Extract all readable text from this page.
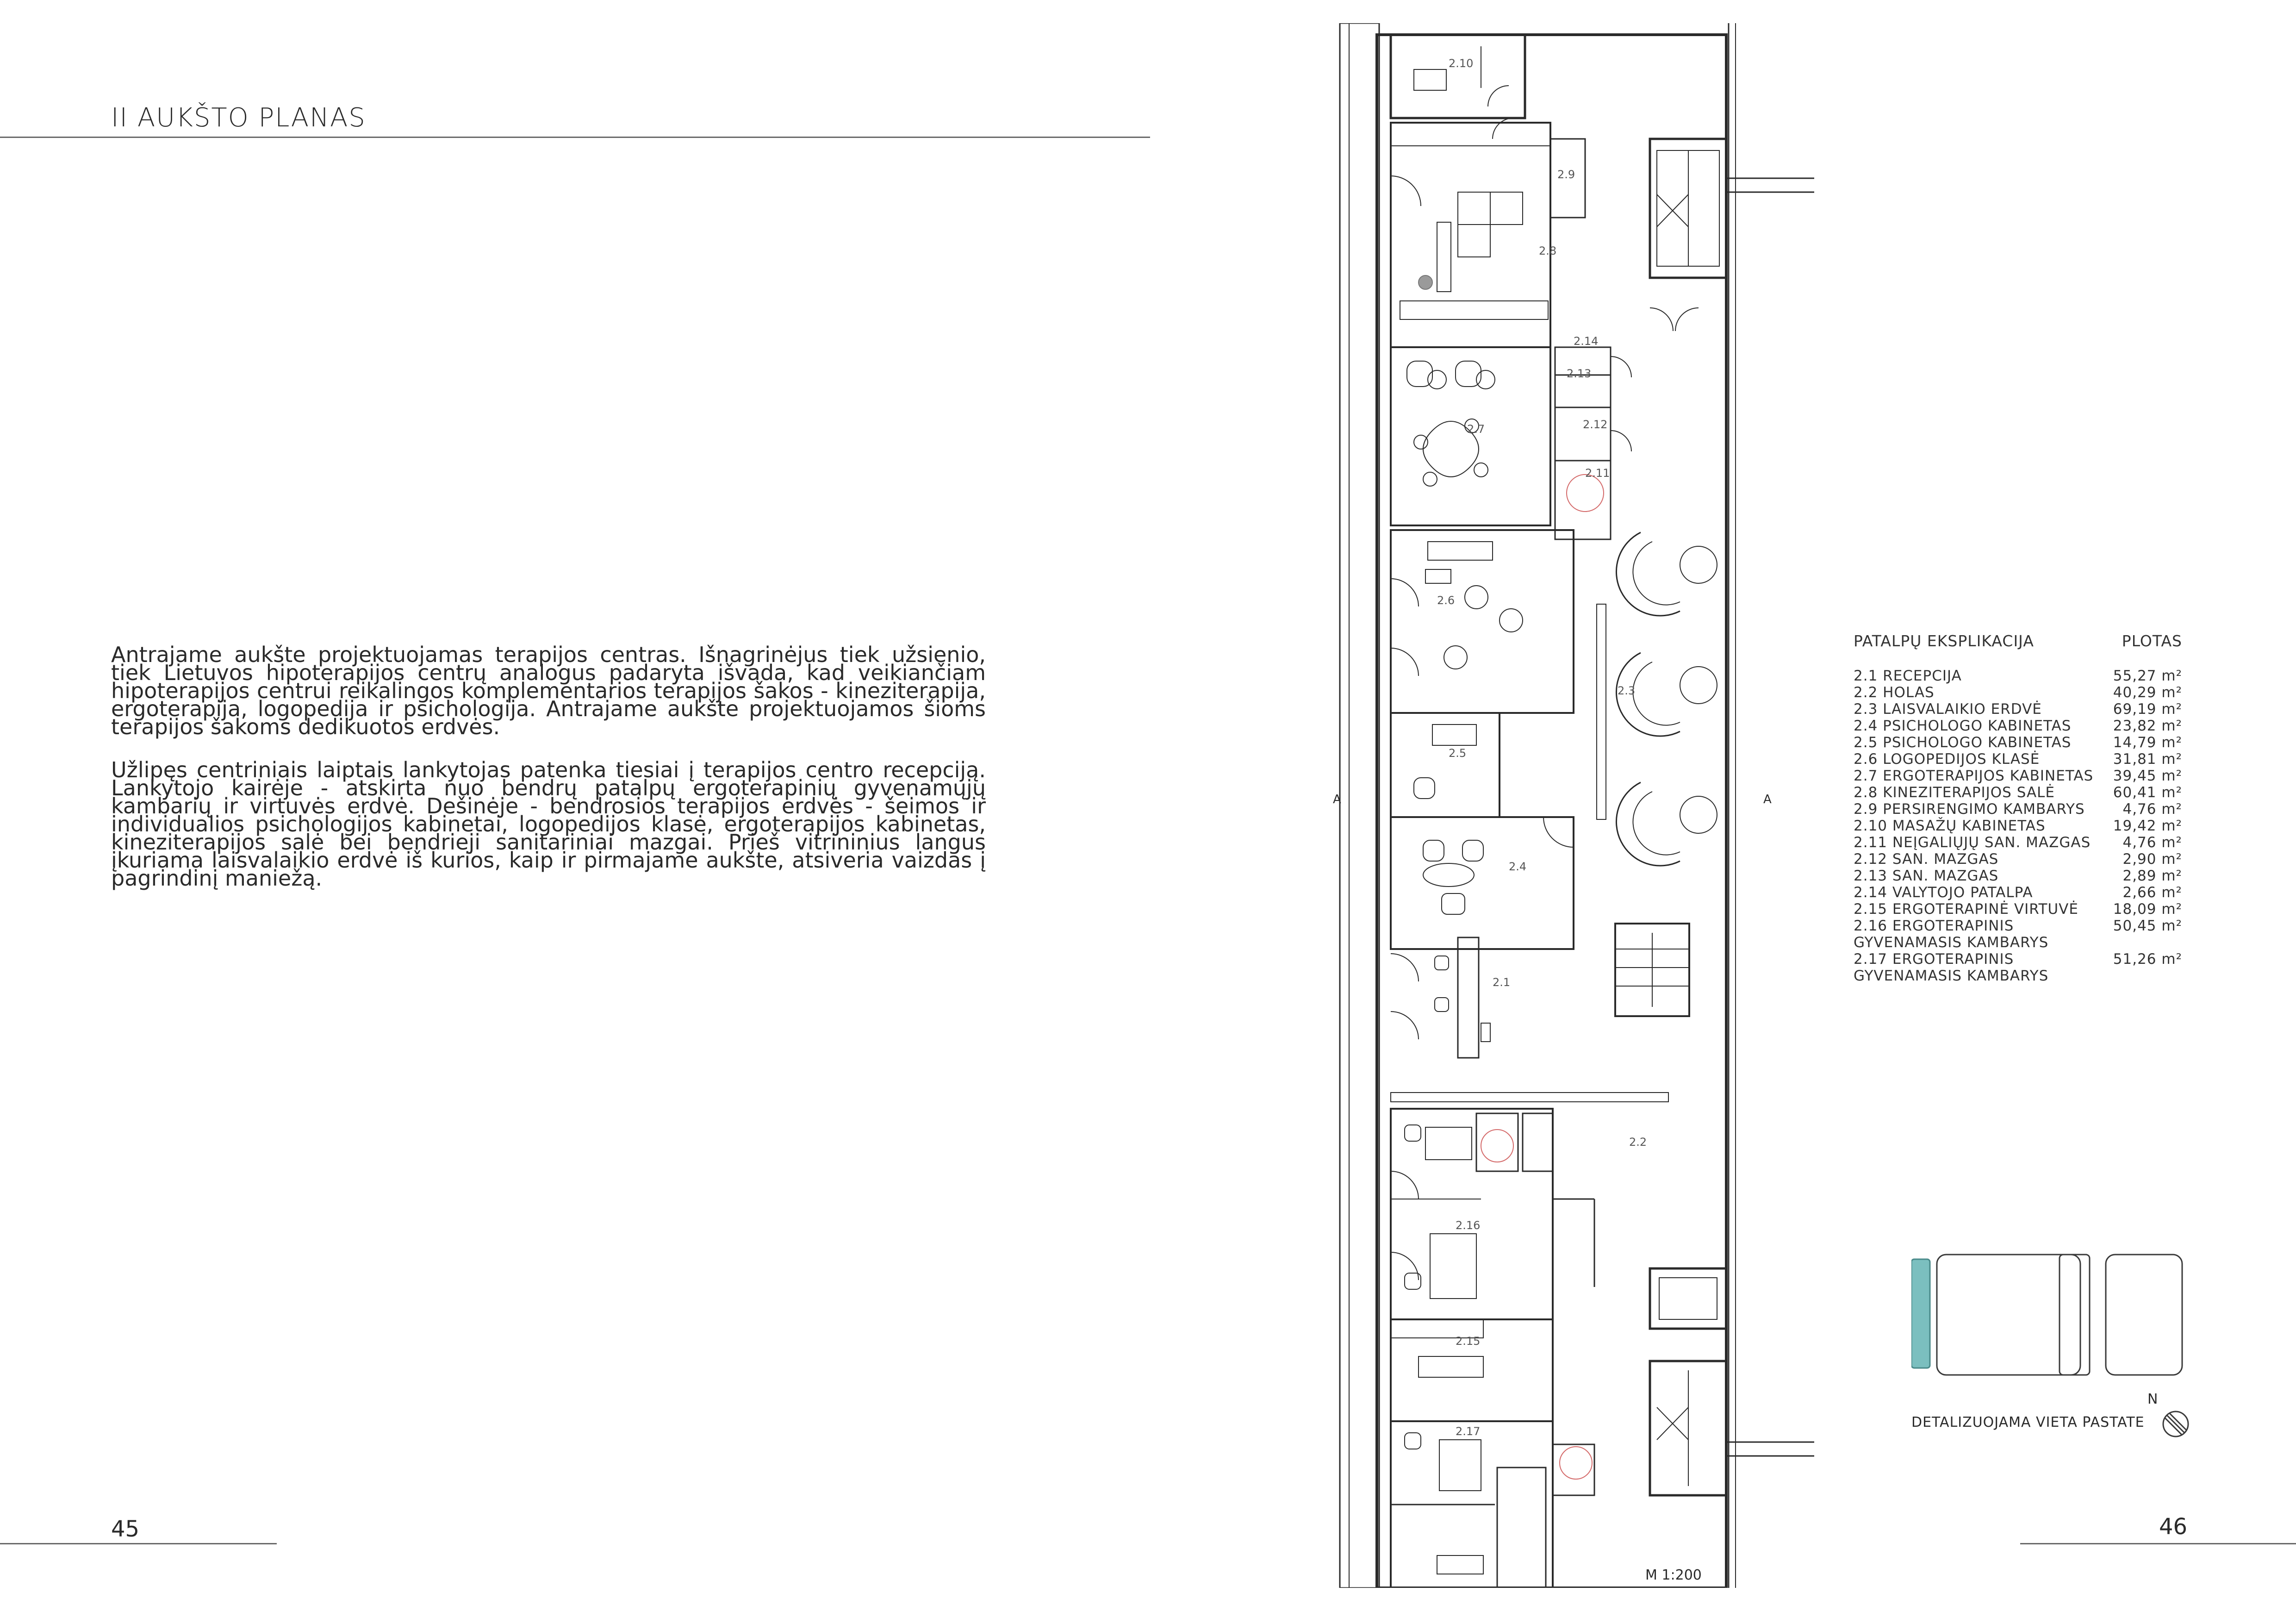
II AUKŠTO PLANAS

Antrajame aukšte projektuojamas terapijos centras. Išnagrinėjus tiek užsienio, tiek Lietuvos hipoterapijos centrų analogus padaryta išvada, kad veikiančiam hipoterapijos centrui reikalingos komplementarios terapijos šakos - kineziterapija, ergoterapija, logopedija ir psichologija. Antrajame aukšte projektuojamos šioms terapijos šakoms dedikuotos erdvės.

Užlipęs centriniais laiptais lankytojas patenka tiesiai į terapijos centro recepciją. Lankytojo kairėje - atskirta nuo bendrų patalpų ergoterapinių gyvenamųjų kambarių ir virtuvės erdvė. Dešinėje - bendrosios terapijos erdvės - šeimos ir individualios psichologijos kabinetai, logopedijos klasė, ergoterapijos kabinetas, kineziterapijos salė bei bendrieji sanitariniai mazgai. Prieš vitrininius langus įkuriama laisvalaikio erdvė iš kurios, kaip ir pirmajame aukšte, atsiveria vaizdas į pagrindinį maniežą.

45
A	A
2.1
2.2
2.3
2.4
2.5
2.6
2.7
2.8
2.9
2.10
2.11
2.12
2.13
2.14
2.15
2.16
2.17
PATALPŲ EKSPLIKACIJA	PLOTAS
2.1 RECEPCIJA	55,27 m²
2.2 HOLAS	40,29 m²
2.3 LAISVALAIKIO ERDVĖ	69,19 m²
2.4 PSICHOLOGO KABINETAS	23,82 m²
2.5 PSICHOLOGO KABINETAS	14,79 m²
2.6 LOGOPEDIJOS KLASĖ	31,81 m²
2.7 ERGOTERAPIJOS KABINETAS	39,45 m²
2.8 KINEZITERAPIJOS SALĖ	60,41 m²
2.9 PERSIRENGIMO KAMBARYS	4,76 m²
2.10 MASAŽŲ KABINETAS	19,42 m²
2.11 NEĮGALIŲJŲ SAN. MAZGAS	4,76 m²
2.12 SAN. MAZGAS	2,90 m²
2.13 SAN. MAZGAS	2,89 m²
2.14 VALYTOJO PATALPA	2,66 m²
2.15 ERGOTERAPINĖ VIRTUVĖ	18,09 m²
2.16 ERGOTERAPINIS GYVENAMASIS KAMBARYS
50,45 m²
2.17 ERGOTERAPINIS GYVENAMASIS KAMBARYS
51,26 m²
N
DETALIZUOJAMA VIETA PASTATE
M 1:200
46
